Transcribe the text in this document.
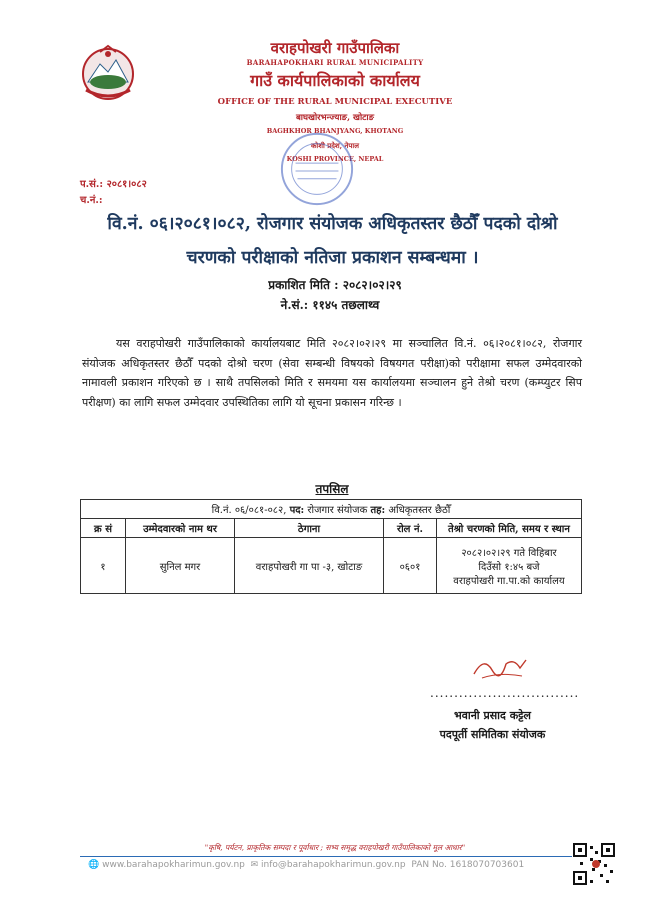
वराहपोखरी गाउँपालिका
BARAHAPOKHARI RURAL MUNICIPALITY
गाउँ कार्यपालिकाको कार्यालय
OFFICE OF THE RURAL MUNICIPAL EXECUTIVE
बाघखोरभन्ज्याङ, खोटाङ
BAGHKHOR BHANJYANG, KHOTANG
कोशी प्रदेश, नेपाल
KOSHI PROVINCE, NEPAL
प.सं.: २०८१।०८२
च.नं.:
वि.नं. ०६।२०८१।०८२, रोजगार संयोजक अधिकृतस्तर छैठौँ पदको दोश्रो
चरणको परीक्षाको नतिजा प्रकाशन सम्बन्धमा ।
प्रकाशित मिति : २०८२।०२।२९
ने.सं.: ११४५ तछलाथ्व
यस वराहपोखरी गाउँपालिकाको कार्यालयबाट मिति २०८२।०२।२९ मा सञ्चालित वि.नं. ०६।२०८१।०८२, रोजगार संयोजक अधिकृतस्तर छैठौँ पदको दोश्रो चरण (सेवा सम्बन्धी विषयको विषयगत परीक्षा)को परीक्षामा सफल उम्मेदवारको नामावली प्रकाशन गरिएको छ । साथै तपसिलको मिति र समयमा यस कार्यालयमा सञ्चालन हुने तेश्रो चरण (कम्प्युटर सिप परीक्षण) का लागि सफल उम्मेदवार उपस्थितिका लागि यो सूचना प्रकासन गरिन्छ ।
तपसिल
वि.नं. ०६/०८१-०८२, पद: रोजगार संयोजक तह: अधिकृतस्तर छैठौँ				
क्र सं	उम्मेदवारको नाम थर	ठेगाना	रोल नं.	तेश्रो चरणको मिति, समय र स्थान
१	सुनिल मगर	वराहपोखरी गा पा -३, खोटाङ	०६०१	२०८२।०२।२९ गते विहिबार
दिउँसो १:४५ बजे
वराहपोखरी गा.पा.को कार्यालय
...............................
भवानी प्रसाद कट्टेल
पदपूर्ती समितिका संयोजक
"कृषि, पर्यटन, प्राकृतिक सम्पदा र पूर्वाधार ; सभ्य समृद्ध वराहपोखरी गाउँपालिकाको मूल आधार"
🌐 www.barahapokharimun.gov.np ✉ info@barahapokharimun.gov.np PAN No. 1618070703601
